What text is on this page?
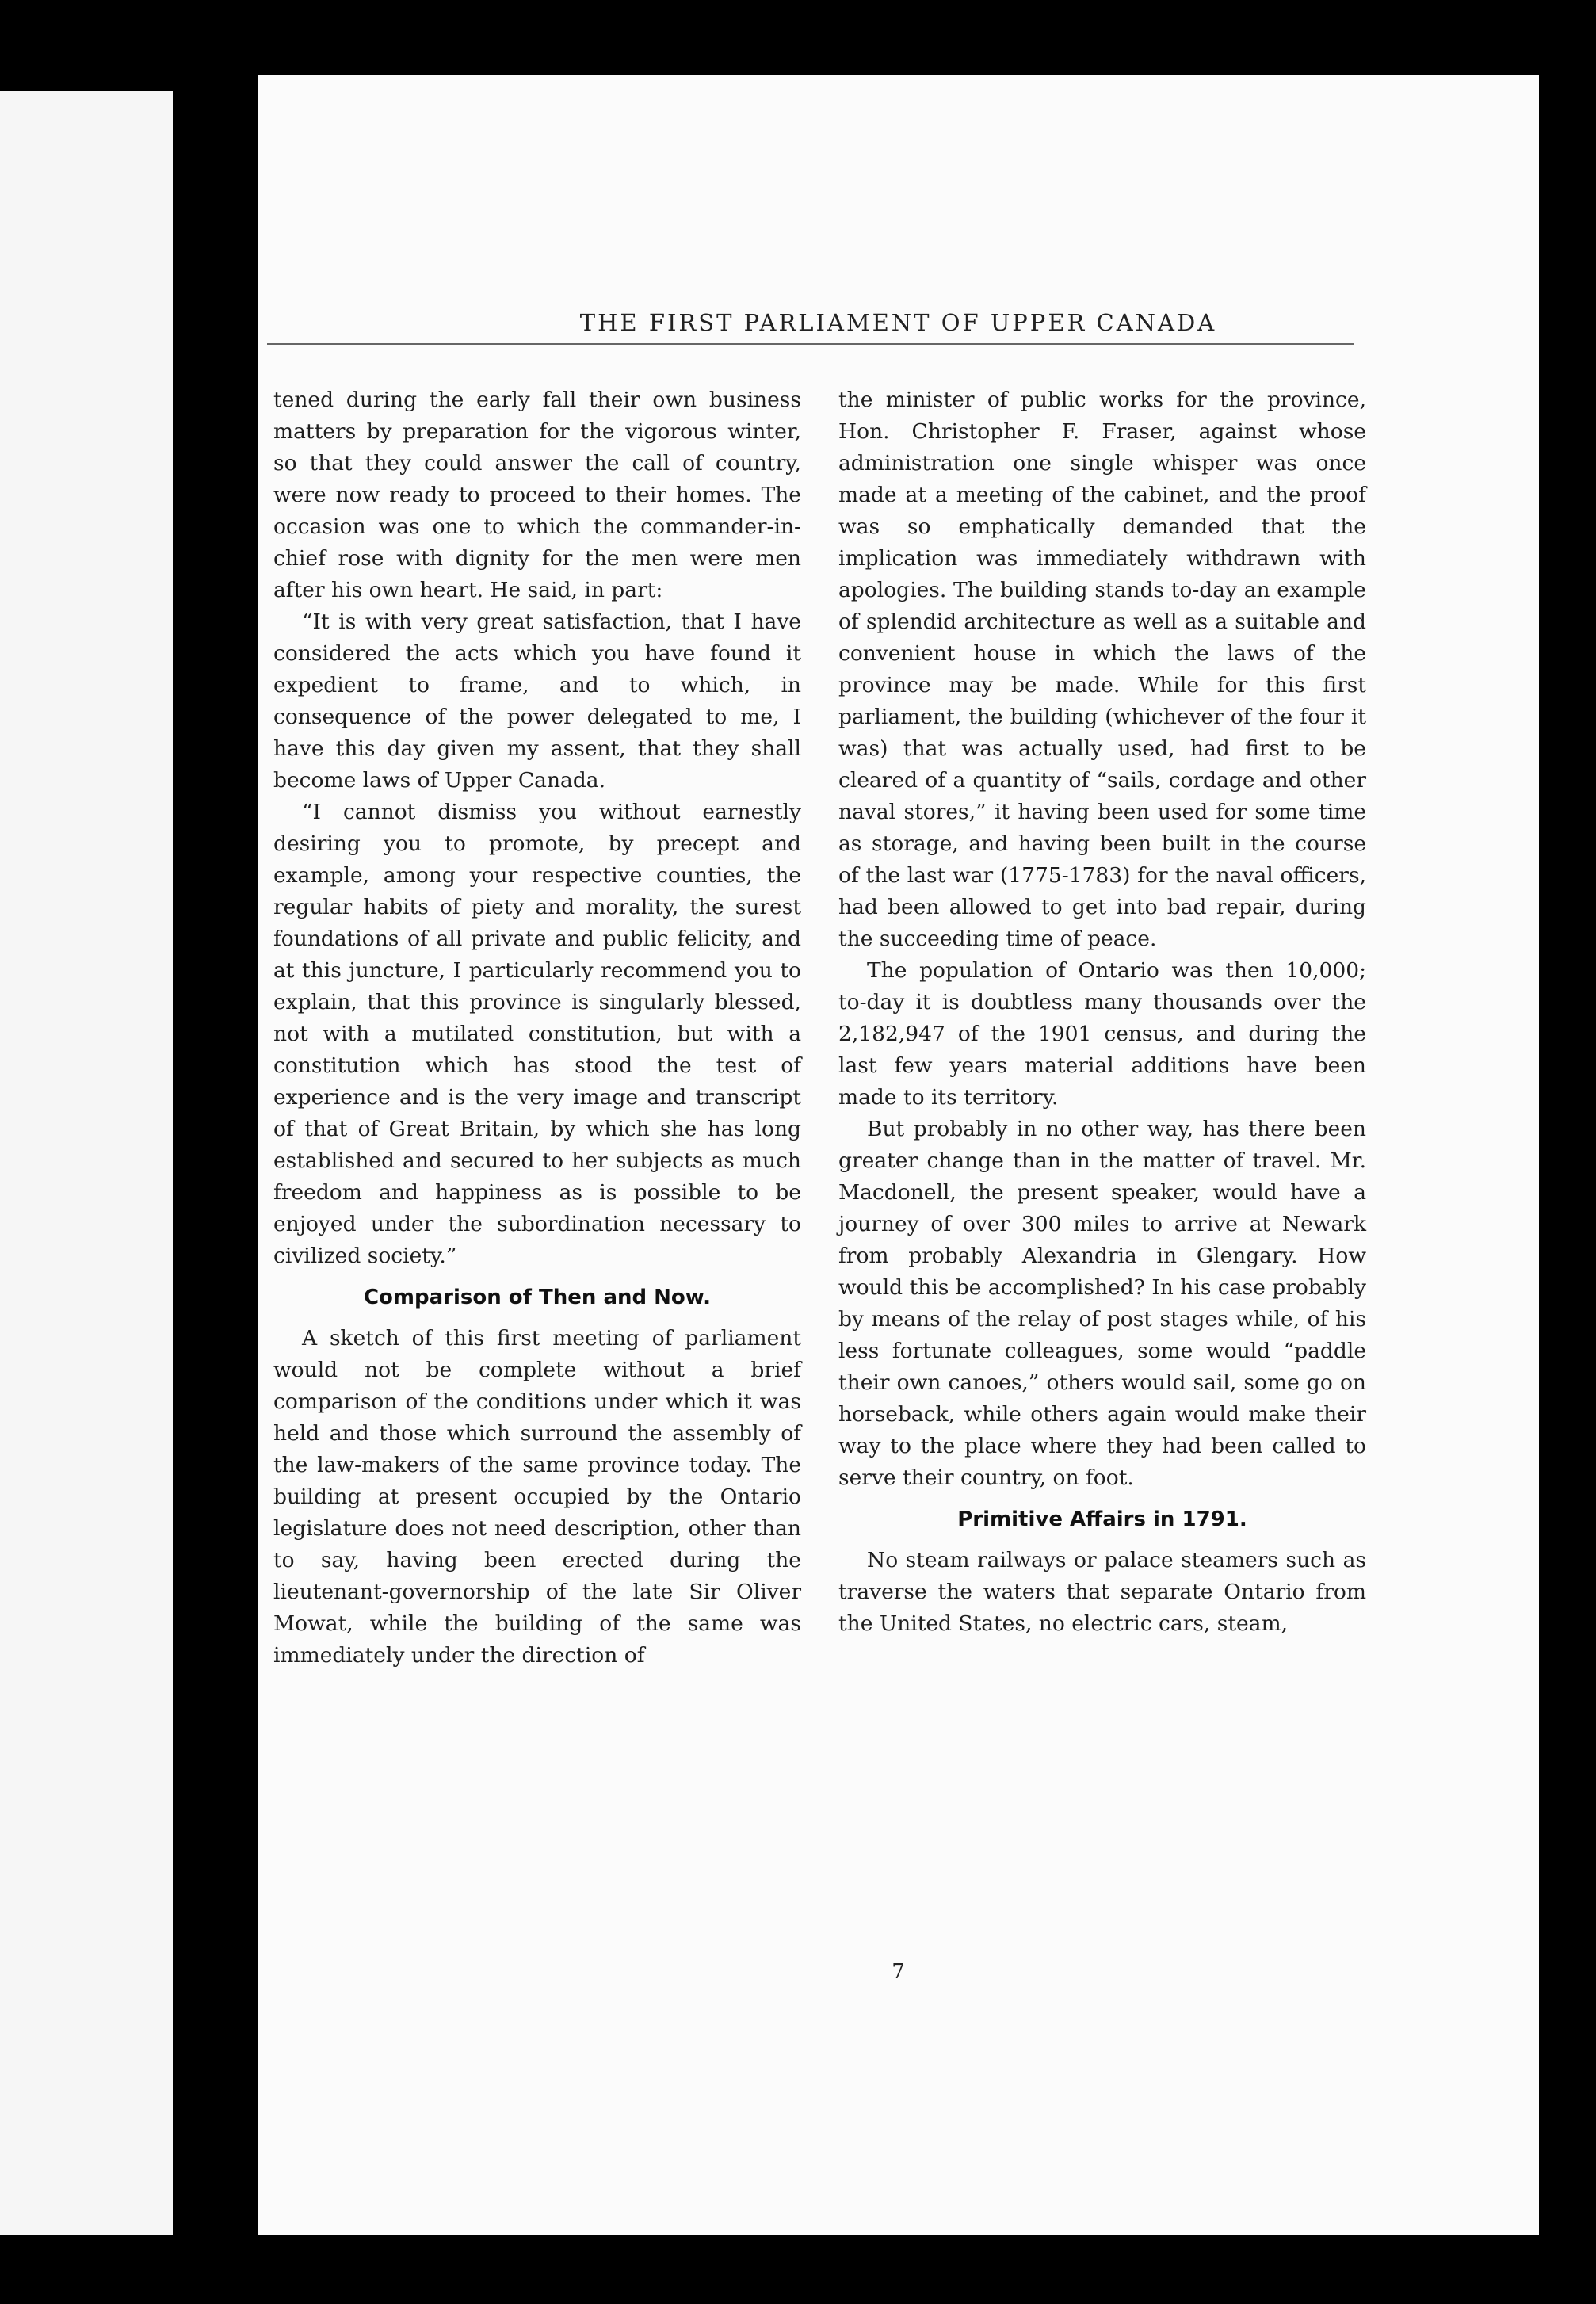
THE FIRST PARLIAMENT OF UPPER CANADA

tened during the early fall their own business matters by preparation for the vigorous winter, so that they could answer the call of country, were now ready to proceed to their homes. The occasion was one to which the commander-in-chief rose with dignity for the men were men after his own heart. He said, in part:

“It is with very great satisfaction, that I have considered the acts which you have found it expedient to frame, and to which, in consequence of the power delegated to me, I have this day given my assent, that they shall become laws of Upper Canada.

“I cannot dismiss you without earnestly desiring you to promote, by precept and example, among your respective counties, the regular habits of piety and morality, the surest foundations of all private and public felicity, and at this juncture, I particularly recommend you to explain, that this province is singularly blessed, not with a mutilated constitution, but with a constitution which has stood the test of experience and is the very image and transcript of that of Great Britain, by which she has long established and secured to her subjects as much freedom and happiness as is possible to be enjoyed under the subordination necessary to civilized society.”

Comparison of Then and Now.

A sketch of this first meeting of parliament would not be complete without a brief comparison of the conditions under which it was held and those which surround the assembly of the law-makers of the same province today. The building at present occupied by the Ontario legislature does not need description, other than to say, having been erected during the lieutenant-governorship of the late Sir Oliver Mowat, while the building of the same was immediately under the direction of

the minister of public works for the province, Hon. Christopher F. Fraser, against whose administration one single whisper was once made at a meeting of the cabinet, and the proof was so emphatically demanded that the implication was immediately withdrawn with apologies. The building stands to-day an example of splendid architecture as well as a suitable and convenient house in which the laws of the province may be made. While for this first parliament, the building (whichever of the four it was) that was actually used, had first to be cleared of a quantity of “sails, cordage and other naval stores,” it having been used for some time as storage, and having been built in the course of the last war (1775-1783) for the naval officers, had been allowed to get into bad repair, during the succeeding time of peace.

The population of Ontario was then 10,000; to-day it is doubtless many thousands over the 2,182,947 of the 1901 census, and during the last few years material additions have been made to its territory.

But probably in no other way, has there been greater change than in the matter of travel. Mr. Macdonell, the present speaker, would have a journey of over 300 miles to arrive at Newark from probably Alexandria in Glengary. How would this be accomplished? In his case probably by means of the relay of post stages while, of his less fortunate colleagues, some would “paddle their own canoes,” others would sail, some go on horseback, while others again would make their way to the place where they had been called to serve their country, on foot.

Primitive Affairs in 1791.

No steam railways or palace steamers such as traverse the waters that separate Ontario from the United States, no electric cars, steam,

7
